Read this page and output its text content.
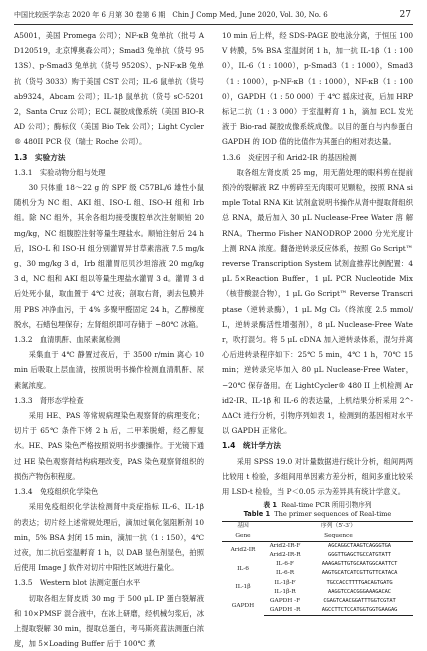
中国比较医学杂志 2020 年 6 月第 30 卷第 6 期　Chin J Comp Med, June 2020, Vol. 30, No. 6	27

A5001，美国 Promega 公司）；NF-κB 兔单抗（批号 AD120519，北京博奥森公司）；Smad3 兔单抗（货号 9513S）、p-Smad3 兔单抗（货号 9520S）、p-NF-κB 兔单抗（货号 3033）购于美国 CST 公司；IL-6 鼠单抗（货号 ab9324，Abcam 公司）；IL-1β 鼠单抗（货号 sC-52012，Santa Cruz 公司）；ECL 凝胶成像系统（美国 BIO-RAD 公司）；酶标仪（美国 Bio Tek 公司）；Light Cycler® 480II PCR 仪（瑞士 Roche 公司）。

1.3　实验方法

1.3.1　实验动物分组与处理

30 只体重 18～22 g 的 SPF 级 C57BL/6 雄性小鼠随机分为 NC 组、AKI 组、ISO-L 组、ISO-H 组和 Irb 组。除 NC 组外，其余各组均接受腹腔单次注射顺铂 20 mg/kg，NC 组腹腔注射等量生理盐水。顺铂注射后 24 h 后，ISO-L 和 ISO-H 组分别灌胃异甘草素溶液 7.5 mg/kg、30 mg/kg 3 d，Irb 组灌胃厄贝沙坦溶液 20 mg/kg 3 d，NC 组和 AKI 组以等量生理盐水灌胃 3 d。灌胃 3 d 后处死小鼠，取血置于 4℃ 过夜；剖取右肾，剥去包膜并用 PBS 冲净血污，于 4% 多聚甲醛固定 24 h，乙醇梯度脱水，石蜡包埋保存；左肾组织即可存储于 −80℃ 冰箱。

1.3.2　血清肌酐、血尿素氮检测

采集血于 4℃ 静置过夜后，于 3500 r/min 离心 10 min 后吸取上层血清，按照说明书操作检测血清肌酐、尿素氮浓度。

1.3.3　肾形态学检查

采用 HE、PAS 等常规病理染色观察肾的病理变化；切片于 65℃ 条件下烤 2 h 后，二甲苯脱蜡，经乙醇复水。HE、PAS 染色严格按照说明书步骤操作。于光镜下通过 HE 染色观察肾结构病理改变，PAS 染色观察肾组织的损伤产物伤积程度。

1.3.4　免疫组织化学染色

采用免疫组织化学法检测肾中炎症指标 IL-6、IL-1β 的表达；切片经上述常规处理后，滴加过氧化氢阻断剂 10 min，5% BSA 封闭 15 min，滴加一抗（1 : 150），4℃ 过夜，加二抗后室温孵育 1 h，以 DAB 显色剂显色，拍照后使用 Image J 软件对切片中阳性区域进行量化。

1.3.5　Western blot 法测定蛋白水平

切取各组左肾皮质 30 mg 于 500 μL IP 蛋白裂解液和 10×PMSF 混合液中，在冰上研磨，经机械匀浆后，冰上提取裂解 30 min，提取总蛋白，考马斯亮蓝法测蛋白浓度，加 5×Loading Buffer 后于 100℃ 煮

10 min 后上样，经 SDS-PAGE 胶电泳分离，于恒压 100 V 转膜，5% BSA 室温封闭 1 h，加一抗 IL-1β（1 : 1000），IL-6（1 : 1000），p-Smad3（1 : 1000），Smad3（1 : 1000），p-NF-κB（1 : 1000），NF-κB（1 : 1000），GAPDH（1 : 50 000）于 4℃ 摇床过夜，后加 HRP 标记二抗（1 : 3 000）于室温孵育 1 h，滴加 ECL 发光液于 Bio-rad 凝胶成像系统成像。以目的蛋白与内参蛋白 GAPDH 的 IOD 值的比值作为其蛋白的相对表达量。

1.3.6　炎症因子和 Arid2-IR 的基因检测

取各组左肾皮质 25 mg，用无菌处理的眼科剪在提前预冷的裂解液 RZ 中剪碎至无肉眼可见颗粒，按照 RNA simple Total RNA Kit 试剂盒说明书操作从肾中提取肾组织总 RNA，最后加入 30 μL Nuclease-Free Water 溶 解 RNA。Thermo Fisher NANODROP 2000 分光光度计上测 RNA 浓度。翻备逆转录反应体系，按照 Go Script™ reverse Transcription System 试剂盒推荐比例配置：4 μL 5×Reaction Buffer，1 μL PCR Nucleotide Mix（核苷酸混合物），1 μL Go Script™ Reverse Transcriptase（逆转录酶），1 μL Mg Cl₂（终浓度 2.5 mmol/L，逆转录酶活性增强剂），8 μL Nuclease-Free Water，吹打混匀。将 5 μL cDNA 加入逆转录体系，混匀并离心后进转录程序如下：25℃ 5 min，4℃ 1 h，70℃ 15 min；逆转录完毕加入 80 μL Nuclease-Free Water，−20℃ 保存备用。在 LightCycler® 480 II 上机检测 Arid2-IR、IL-1β 和 IL-6 的表达量，上机结果分析采用 2^-ΔΔCt 进行分析，引物序列如表 1，检测到的基因相对水平以 GAPDH 正常化。

1.4　统计学方法

采用 SPSS 19.0 对计量数据进行统计分析，组间两两比较用 t 检验，多组间用单因素方差分析，组间多重比较采用 LSD-t 检验，当 P＜0.05 示为差异具有统计学意义。

表 1 Real-time PCR 所用引物序列
Table 1 The primer sequences of Real-time
基因	序列（5′-3′）	
Gene	Sequence	
Arid2-IR	Arid2-IR-F	AGCAGGCTAAGTCAGGGTGA
	Arid2-IR-R	GGGTTGAGCTGCCATGTATT
IL-6	IL-6-F	AAAGAGTTGTGCAATGGCAATTCT
	IL-6-R	AAGTGCATCATCGTTGTTCATACA
IL-1β	IL-1β-F	TGCCACCTTTTGACAGTGATG
	IL-1β-R	AAGGTCCACGGGAAAGACAC
GAPDH	GAPDH -F	CGAGTCAACGGATTTGGTCGTAT
	GAPDH -R	AGCCTTCTCCATGGTGGTGAAGAG
